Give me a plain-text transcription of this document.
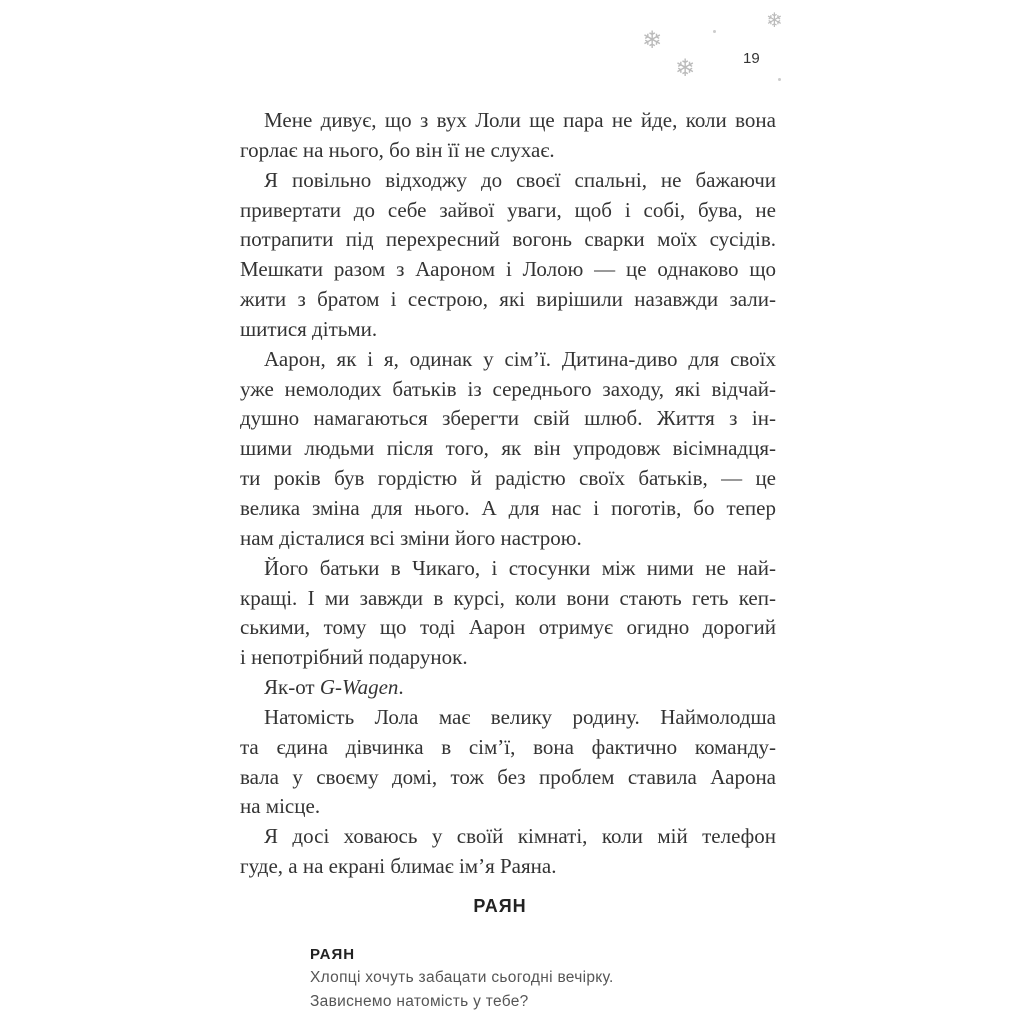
❄
❄
❄
19
Мене дивує, що з вух Лоли ще пара не йде, коли вона
горлає на нього, бо він її не слухає.
Я повільно відходжу до своєї спальні, не бажаючи
привертати до себе зайвої уваги, щоб і собі, бува, не
потрапити під перехресний вогонь сварки моїх сусідів.
Мешкати разом з Аароном і Лолою — це однаково що
жити з братом і сестрою, які вирішили назавжди зали-
шитися дітьми.
Аарон, як і я, одинак у сім’ї. Дитина-диво для своїх
уже немолодих батьків із середнього заходу, які відчай-
душно намагаються зберегти свій шлюб. Життя з ін-
шими людьми після того, як він упродовж вісімнадця-
ти років був гордістю й радістю своїх батьків, — це
велика зміна для нього. А для нас і поготів, бо тепер
нам дісталися всі зміни його настрою.
Його батьки в Чикаго, і стосунки між ними не най-
кращі. І ми завжди в курсі, коли вони стають геть кеп-
ськими, тому що тоді Аарон отримує огидно дорогий
і непотрібний подарунок.
Як-от G-Wagen.
Натомість Лола має велику родину. Наймолодша
та єдина дівчинка в сім’ї, вона фактично команду-
вала у своєму домі, тож без проблем ставила Аарона
на місце.
Я досі ховаюсь у своїй кімнаті, коли мій телефон
гуде, а на екрані блимає ім’я Раяна.
РАЯН
РАЯН
Хлопці хочуть забацати сьогодні вечірку.
Зависнемо натомість у тебе?
